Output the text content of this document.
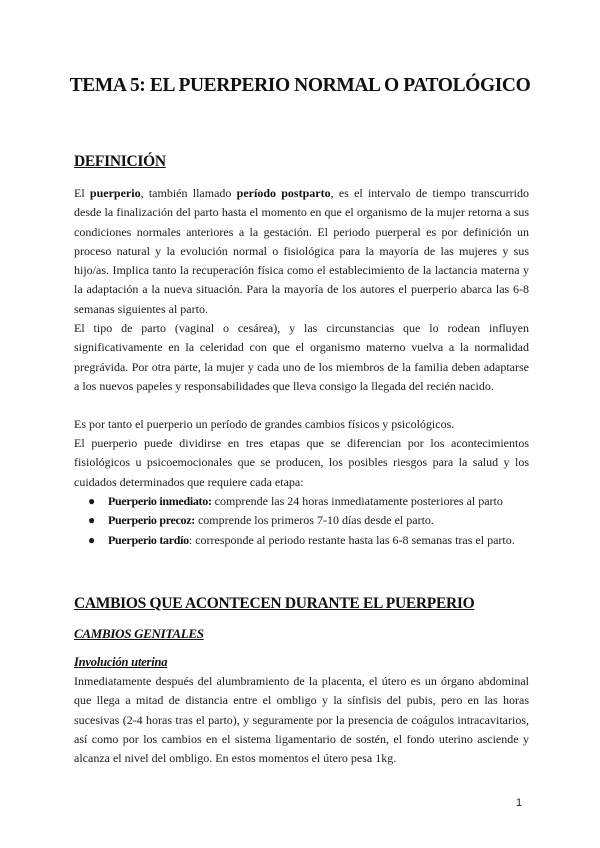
TEMA 5: EL PUERPERIO NORMAL O PATOLÓGICO
DEFINICIÓN
El puerperio, también llamado período postparto, es el intervalo de tiempo transcurrido desde la finalización del parto hasta el momento en que el organismo de la mujer retorna a sus condiciones normales anteriores a la gestación. El periodo puerperal es por definición un proceso natural y la evolución normal o fisiológica para la mayoría de las mujeres y sus hijo/as. Implica tanto la recuperación física como el establecimiento de la lactancia materna y la adaptación a la nueva situación. Para la mayoría de los autores el puerperio abarca las 6-8 semanas siguientes al parto.
El tipo de parto (vaginal o cesárea), y las circunstancias que lo rodean influyen significativamente en la celeridad con que el organismo materno vuelva a la normalidad pregrávida. Por otra parte, la mujer y cada uno de los miembros de la familia deben adaptarse a los nuevos papeles y responsabilidades que lleva consigo la llegada del recién nacido.
Es por tanto el puerperio un período de grandes cambios físicos y psicológicos.
El puerperio puede dividirse en tres etapas que se diferencian por los acontecimientos fisiológicos u psicoemocionales que se producen, los posibles riesgos para la salud y los cuidados determinados que requiere cada etapa:
● Puerperio inmediato: comprende las 24 horas inmediatamente posteriores al parto
● Puerperio precoz: comprende los primeros 7-10 días desde el parto.
● Puerperio tardío: corresponde al periodo restante hasta las 6-8 semanas tras el parto.
CAMBIOS QUE ACONTECEN DURANTE EL PUERPERIO
CAMBIOS GENITALES
Involución uterina
Inmediatamente después del alumbramiento de la placenta, el útero es un órgano abdominal que llega a mitad de distancia entre el ombligo y la sínfisis del pubis, pero en las horas sucesivas (2-4 horas tras el parto), y seguramente por la presencia de coágulos intracavitarios, así como por los cambios en el sistema ligamentario de sostén, el fondo uterino asciende y alcanza el nivel del ombligo. En estos momentos el útero pesa 1kg.
1
